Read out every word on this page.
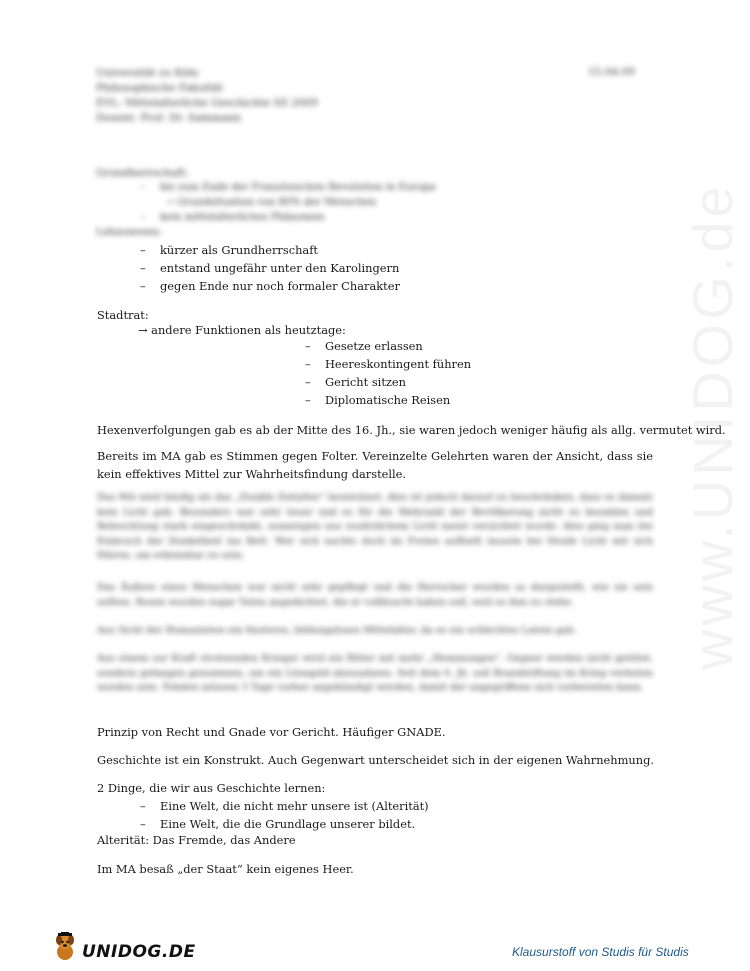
www.UNIDOG.de
Universität zu Köln
Philosophische Fakultät
EVL: Mittelalterliche Geschichte SS 2009
Dozent: Prof. Dr. Sammann
15.04.09
Grundherrschaft:
– bis zum Ende der Französischen Revolution in Europa
→ Grundsituation von 80% der Menschen
– kein mittelalterliches Phänomen
Lehnswesen:
– kürzer als Grundherrschaft
– entstand ungefähr unter den Karolingern
– gegen Ende nur noch formaler Charakter
Stadtrat:
→ andere Funktionen als heutztage:
– Gesetze erlassen
– Heereskontingent führen
– Gericht sitzen
– Diplomatische Reisen
Hexenverfolgungen gab es ab der Mitte des 16. Jh., sie waren jedoch weniger häufig als allg. vermutet wird.
Bereits im MA gab es Stimmen gegen Folter. Vereinzelte Gelehrten waren der Ansicht, dass sie kein effektives Mittel zur Wahrheitsfindung darstelle.
Das MA wird häufig als das „Dunkle Zeitalter“ bezeichnet, dies ist jedoch darauf zu beschränken, dass es damals kein Licht gab. Besonders war sehr teuer und es für die Mehrzahl der Bevölkerung nicht zu bezahlen und Beleuchtung stark eingeschränkt, sonnengen aus zusätzlichem Licht meist verzichtet wurde. Also ging man bei Einbruch der Dunkelheit ins Bett. Wer sich nachts doch im Freien aufhielt musste bei Strafe Licht mit sich führen, um erkennbar zu sein.
Das Äußere eines Menschen war nicht sehr gepflegt und die Herrscher wurden so dargestellt, wie sie sein sollten. Rosen wurden sogar Taten angedichtet, die er vollbracht haben soll, weil es ihm zu stehe.
Aus Sicht der Humanisten ein finsteres, bildungsloses Mittelalter, da es ein schlechtes Latein gab.
Aus einem zur Kraft strotzenden Krieger wird ein Ritter mit mehr „Hemmungen“. Gegner werden nicht getötet, sondern gefangen genommen, um ein Lösegeld abzusahnen. Seit dem 6. Jh. soll Brandstiftung im Krieg verboten worden sein. Fehden müssen 3 Tage vorher angekündigt werden, damit der angegriffene sich vorbereiten kann.
Prinzip von Recht und Gnade vor Gericht. Häufiger GNADE.
Geschichte ist ein Konstrukt. Auch Gegenwart unterscheidet sich in der eigenen Wahrnehmung.
2 Dinge, die wir aus Geschichte lernen:
– Eine Welt, die nicht mehr unsere ist (Alterität)
– Eine Welt, die die Grundlage unserer bildet.
Alterität: Das Fremde, das Andere
Im MA besaß „der Staat“ kein eigenes Heer.
UNIDOG.DE	Klausurstoff von Studis für Studis
